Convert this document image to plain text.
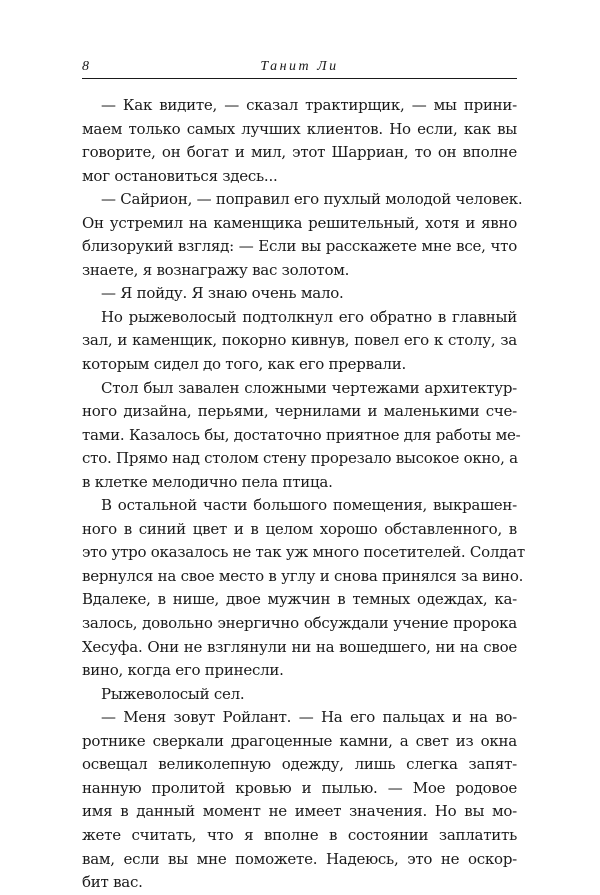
8	Танит Ли
— Как видите, — сказал трактирщик, — мы прини-
маем только самых лучших клиентов. Но если, как вы
говорите, он богат и мил, этот Шарриан, то он вполне
мог остановиться здесь...
— Сайрион, — поправил его пухлый молодой человек.
Он устремил на каменщика решительный, хотя и явно
близорукий взгляд: — Если вы расскажете мне все, что
знаете, я вознагражу вас золотом.
— Я пойду. Я знаю очень мало.
Но рыжеволосый подтолкнул его обратно в главный
зал, и каменщик, покорно кивнув, повел его к столу, за
которым сидел до того, как его прервали.
Стол был завален сложными чертежами архитектур-
ного дизайна, перьями, чернилами и маленькими сче-
тами. Казалось бы, достаточно приятное для работы ме-
сто. Прямо над столом стену прорезало высокое окно, а
в клетке мелодично пела птица.
В остальной части большого помещения, выкрашен-
ного в синий цвет и в целом хорошо обставленного, в
это утро оказалось не так уж много посетителей. Солдат
вернулся на свое место в углу и снова принялся за вино.
Вдалеке, в нише, двое мужчин в темных одеждах, ка-
залось, довольно энергично обсуждали учение пророка
Хесуфа. Они не взглянули ни на вошедшего, ни на свое
вино, когда его принесли.
Рыжеволосый сел.
— Меня зовут Ройлант. — На его пальцах и на во-
ротнике сверкали драгоценные камни, а свет из окна
освещал великолепную одежду, лишь слегка запят-
нанную пролитой кровью и пылью. — Мое родовое
имя в данный момент не имеет значения. Но вы мо-
жете считать, что я вполне в состоянии заплатить
вам, если вы мне поможете. Надеюсь, это не оскор-
бит вас.
